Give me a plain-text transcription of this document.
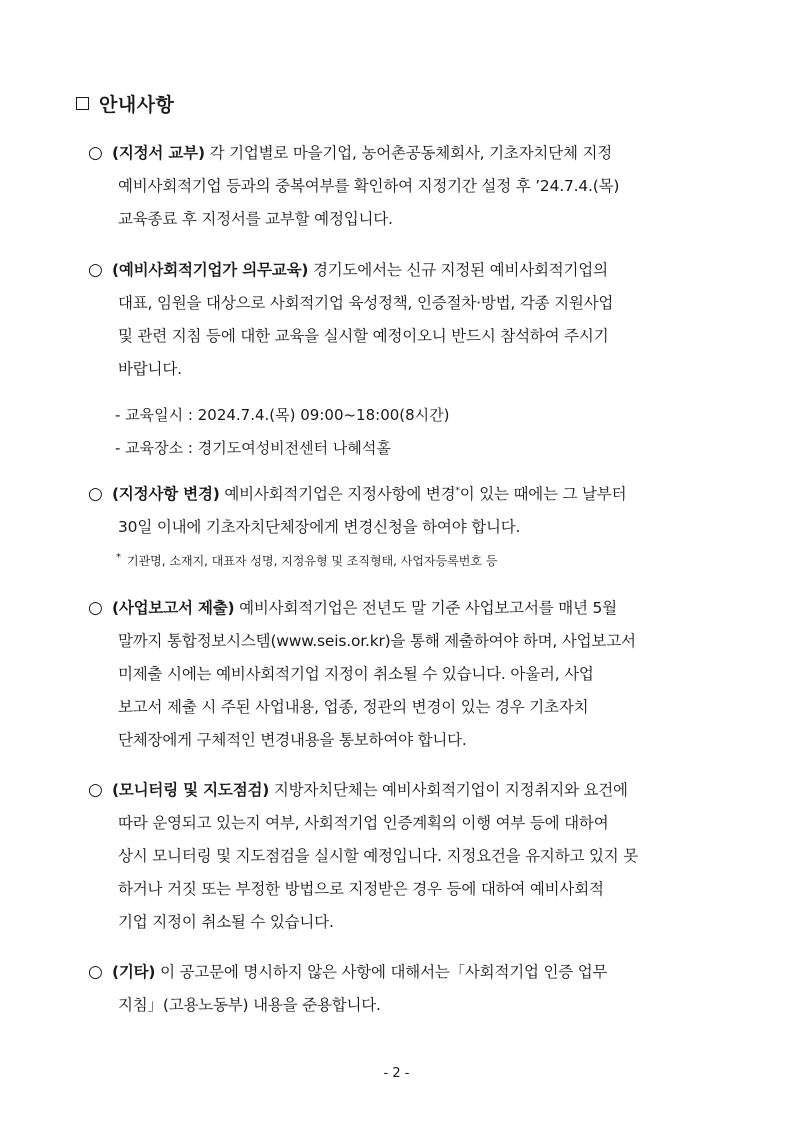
안내사항
○ (지정서 교부) 각 기업별로 마을기업, 농어촌공동체회사, 기초자치단체 지정
예비사회적기업 등과의 중복여부를 확인하여 지정기간 설정 후 ’24.7.4.(목)
교육종료 후 지정서를 교부할 예정입니다.
○ (예비사회적기업가 의무교육) 경기도에서는 신규 지정된 예비사회적기업의
대표, 임원을 대상으로 사회적기업 육성정책, 인증절차·방법, 각종 지원사업
및 관련 지침 등에 대한 교육을 실시할 예정이오니 반드시 참석하여 주시기
바랍니다.
- 교육일시 : 2024.7.4.(목) 09:00~18:00(8시간)
- 교육장소 : 경기도여성비전센터 나혜석홀
○ (지정사항 변경) 예비사회적기업은 지정사항에 변경*이 있는 때에는 그 날부터
30일 이내에 기초자치단체장에게 변경신청을 하여야 합니다.
* 기관명, 소재지, 대표자 성명, 지정유형 및 조직형태, 사업자등록번호 등
○ (사업보고서 제출) 예비사회적기업은 전년도 말 기준 사업보고서를 매년 5월
말까지 통합정보시스템(www.seis.or.kr)을 통해 제출하여야 하며, 사업보고서
미제출 시에는 예비사회적기업 지정이 취소될 수 있습니다. 아울러, 사업
보고서 제출 시 주된 사업내용, 업종, 정관의 변경이 있는 경우 기초자치
단체장에게 구체적인 변경내용을 통보하여야 합니다.
○ (모니터링 및 지도점검) 지방자치단체는 예비사회적기업이 지정취지와 요건에
따라 운영되고 있는지 여부, 사회적기업 인증계획의 이행 여부 등에 대하여
상시 모니터링 및 지도점검을 실시할 예정입니다. 지정요건을 유지하고 있지 못
하거나 거짓 또는 부정한 방법으로 지정받은 경우 등에 대하여 예비사회적
기업 지정이 취소될 수 있습니다.
○ (기타) 이 공고문에 명시하지 않은 사항에 대해서는「사회적기업 인증 업무
지침」(고용노동부) 내용을 준용합니다.
- 2 -
